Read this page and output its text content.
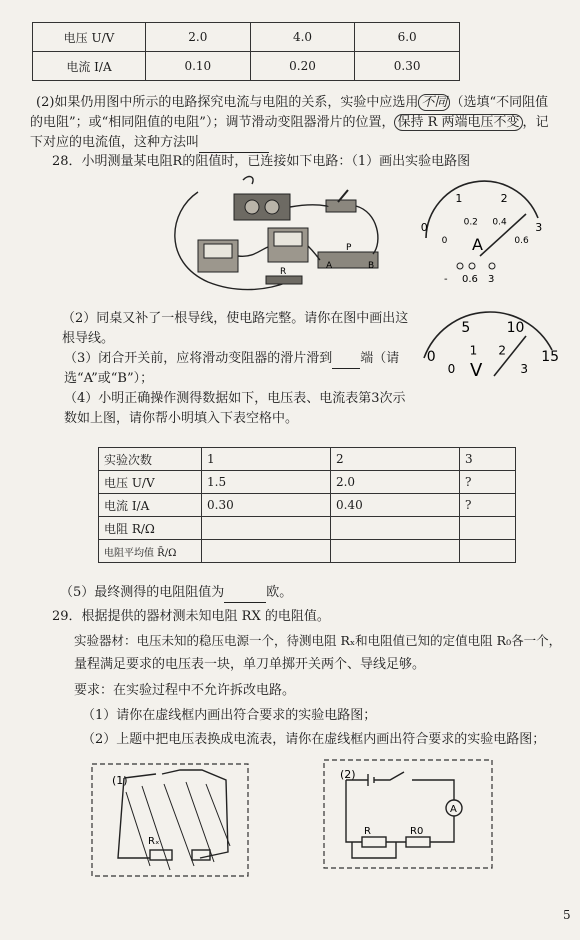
电压 U/V	2.0	4.0	6.0
电流 I/A	0.10	0.20	0.30
(2)如果仍用图中所示的电路探究电流与电阻的关系，实验中应选用 不同 （选填“不同阻值
的电阻”；或“相同阻值的电阻”）；调节滑动变阻器滑片的位置， 保持 R 两端电压不变 ，记
下对应的电流值，这种方法叫
28．小明测量某电阻R的阻值时，已连接如下电路：（1）画出实验电路图
R
A	B
P
0
0.2 0.4
0.6
0
1	2
3
A
- 0.6 3
0
1 2
3
0
5	10
15
V
（2）同桌又补了一根导线，使电路完整。请你在图中画出这
根导线。
（3）闭合开关前，应将滑动变阻器的滑片滑到 端（请
选“A”或“B”）；
（4）小明正确操作测得数据如下，电压表、电流表第3次示
数如上图，请你帮小明填入下表空格中。
实验次数	1	2	3
电压 U/V	1.5	2.0	?
电流 I/A	0.30	0.40	?
电阻 R/Ω			
电阻平均值 R̄/Ω			
（5）最终测得的电阻阻值为	欧。
29．根据提供的器材测未知电阻 RX 的电阻值。
实验器材：电压未知的稳压电源一个，待测电阻 Rₓ和电阻值已知的定值电阻 R₀各一个，
量程满足要求的电压表一块，单刀单掷开关两个、导线足够。
要求：在实验过程中不允许拆改电路。
（1）请你在虚线框内画出符合要求的实验电路图；
（2）上题中把电压表换成电流表，请你在虚线框内画出符合要求的实验电路图；
(1)
Rₓ
(2)
A
R	R0
5
